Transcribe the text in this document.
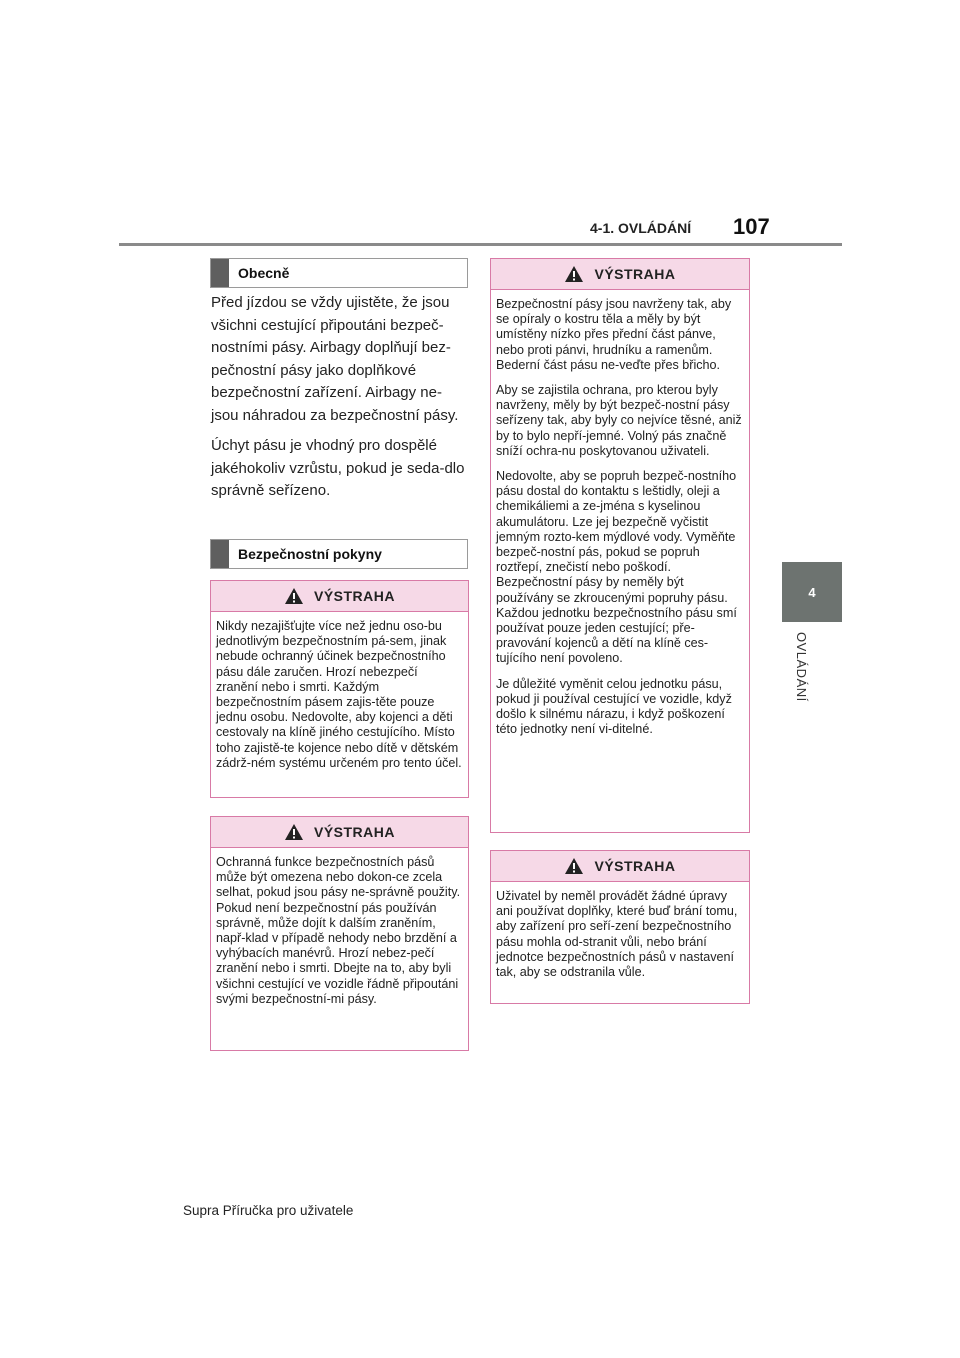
4-1. OVLÁDÁNÍ 107
4
OVLÁDÁNÍ
Obecně

Před jízdou se vždy ujistěte, že jsou všichni cestující připoutáni bezpeč-nostními pásy. Airbagy doplňují bez-pečnostní pásy jako doplňkové bezpečnostní zařízení. Airbagy ne-jsou náhradou za bezpečnostní pásy.

Úchyt pásu je vhodný pro dospělé jakéhokoliv vzrůstu, pokud je seda-dlo správně seřízeno.

Bezpečnostní pokyny
VÝSTRAHA

Nikdy nezajišťujte více než jednu oso-bu jednotlivým bezpečnostním pá-sem, jinak nebude ochranný účinek bezpečnostního pásu dále zaručen. Hrozí nebezpečí zranění nebo i smrti. Každým bezpečnostním pásem zajis-těte pouze jednu osobu. Nedovolte, aby kojenci a děti cestovaly na klíně jiného cestujícího. Místo toho zajistě-te kojence nebo dítě v dětském zádrž-ném systému určeném pro tento účel.

VÝSTRAHA

Ochranná funkce bezpečnostních pásů může být omezena nebo dokon-ce zcela selhat, pokud jsou pásy ne-správně použity. Pokud není bezpečnostní pás používán správně, může dojít k dalším zraněním, např-klad v případě nehody nebo brzdění a vyhýbacích manévrů. Hrozí nebez-pečí zranění nebo i smrti. Dbejte na to, aby byli všichni cestující ve vozidle řádně připoutáni svými bezpečnostní-mi pásy.

VÝSTRAHA

Bezpečnostní pásy jsou navrženy tak, aby se opíraly o kostru těla a měly by být umístěny nízko přes přední část pánve, nebo proti pánvi, hrudníku a ramenům. Bederní část pásu ne-veďte přes břicho.

Aby se zajistila ochrana, pro kterou byly navrženy, měly by být bezpeč-nostní pásy seřízeny tak, aby byly co nejvíce těsné, aniž by to bylo nepří-jemné. Volný pás značně sníží ochra-nu poskytovanou uživateli.

Nedovolte, aby se popruh bezpeč-nostního pásu dostal do kontaktu s leštidly, oleji a chemikáliemi a ze-jména s kyselinou akumulátoru. Lze jej bezpečně vyčistit jemným rozto-kem mýdlové vody. Vyměňte bezpeč-nostní pás, pokud se popruh roztřepí, znečistí nebo poškodí. Bezpečnostní pásy by neměly být používány se zkroucenými popruhy pásu. Každou jednotku bezpečnostního pásu smí používat pouze jeden cestující; pře-pravování kojenců a dětí na klíně ces-tujícího není povoleno.

Je důležité vyměnit celou jednotku pásu, pokud ji používal cestující ve vozidle, když došlo k silnému nárazu, i když poškození této jednotky není vi-ditelné.

VÝSTRAHA

Uživatel by neměl provádět žádné úpravy ani používat doplňky, které buď brání tomu, aby zařízení pro seří-zení bezpečnostního pásu mohla od-stranit vůli, nebo brání jednotce bezpečnostních pásů v nastavení tak, aby se odstranila vůle.

Supra Příručka pro uživatele
